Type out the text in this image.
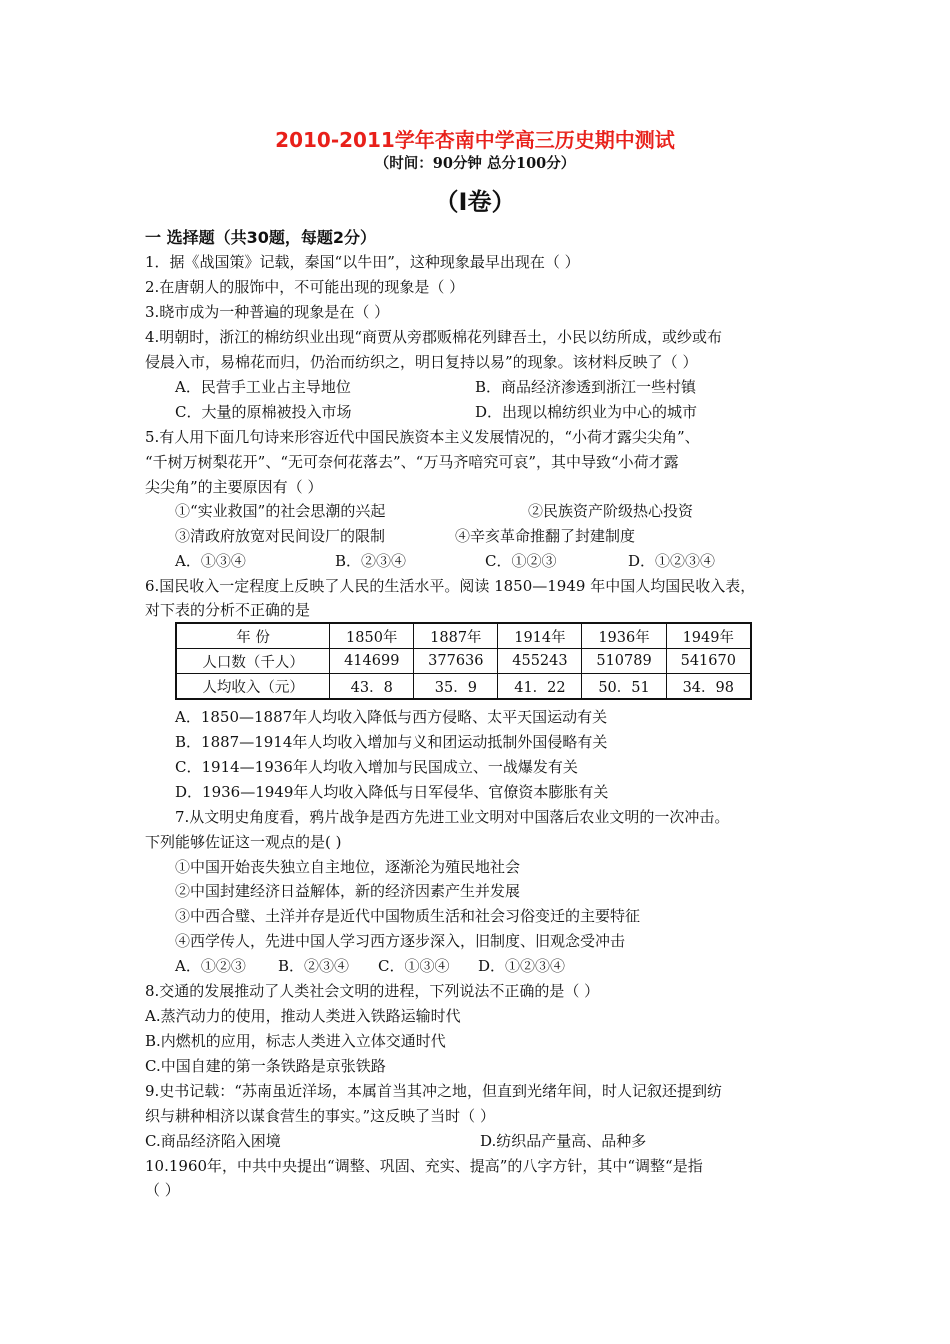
2010-2011学年杏南中学高三历史期中测试
（时间：90分钟 总分100分）
（Ⅰ卷）
一 选择题（共30题，每题2分）
1．据《战国策》记载，秦国“以牛田”，这种现象最早出现在（ ）
2.在唐朝人的服饰中，不可能出现的现象是（ ）
3.晓市成为一种普遍的现象是在（ ）
4.明朝时，浙江的棉纺织业出现“商贾从旁郡贩棉花列肆吾土，小民以纺所成，或纱或布
侵晨入市，易棉花而归，仍治而纺织之，明日复持以易”的现象。该材料反映了（ ）
A．民营手工业占主导地位	B．商品经济渗透到浙江一些村镇
C．大量的原棉被投入市场	D．出现以棉纺织业为中心的城市
5.有人用下面几句诗来形容近代中国民族资本主义发展情况的，“小荷才露尖尖角”、
“千树万树梨花开”、“无可奈何花落去”、“万马齐喑究可哀”，其中导致“小荷才露
尖尖角”的主要原因有（ ）
①“实业救国”的社会思潮的兴起	②民族资产阶级热心投资
③清政府放宽对民间设厂的限制	④辛亥革命推翻了封建制度
A．①③④	B．②③④	C．①②③	D．①②③④
6.国民收入一定程度上反映了人民的生活水平。阅读 1850—1949 年中国人均国民收入表，
对下表的分析不正确的是
年 份	1850年	1887年	1914年	1936年	1949年
人口数（千人）	414699	377636	455243	510789	541670
人均收入（元）	43．8	35．9	41．22	50．51	34．98
A．1850—1887年人均收入降低与西方侵略、太平天国运动有关
B．1887—1914年人均收入增加与义和团运动抵制外国侵略有关
C．1914—1936年人均收入增加与民国成立、一战爆发有关
D．1936—1949年人均收入降低与日军侵华、官僚资本膨胀有关
7.从文明史角度看，鸦片战争是西方先进工业文明对中国落后农业文明的一次冲击。
下列能够佐证这一观点的是( )
①中国开始丧失独立自主地位，逐渐沦为殖民地社会
②中国封建经济日益解体，新的经济因素产生并发展
③中西合璧、土洋并存是近代中国物质生活和社会习俗变迁的主要特征
④西学传人，先进中国人学习西方逐步深入，旧制度、旧观念受冲击
A．①②③ B．②③④ C．①③④ D．①②③④
8.交通的发展推动了人类社会文明的进程，下列说法不正确的是（ ）
A.蒸汽动力的使用，推动人类进入铁路运输时代
B.内燃机的应用，标志人类进入立体交通时代
C.中国自建的第一条铁路是京张铁路
9.史书记载：“苏南虽近洋场，本属首当其冲之地，但直到光绪年间，时人记叙还提到纺
织与耕种相济以谋食营生的事实。”这反映了当时（ ）
C.商品经济陷入困境	D.纺织品产量高、品种多
10.1960年，中共中央提出“调整、巩固、充实、提高”的八字方针，其中“调整“是指
（ ）
